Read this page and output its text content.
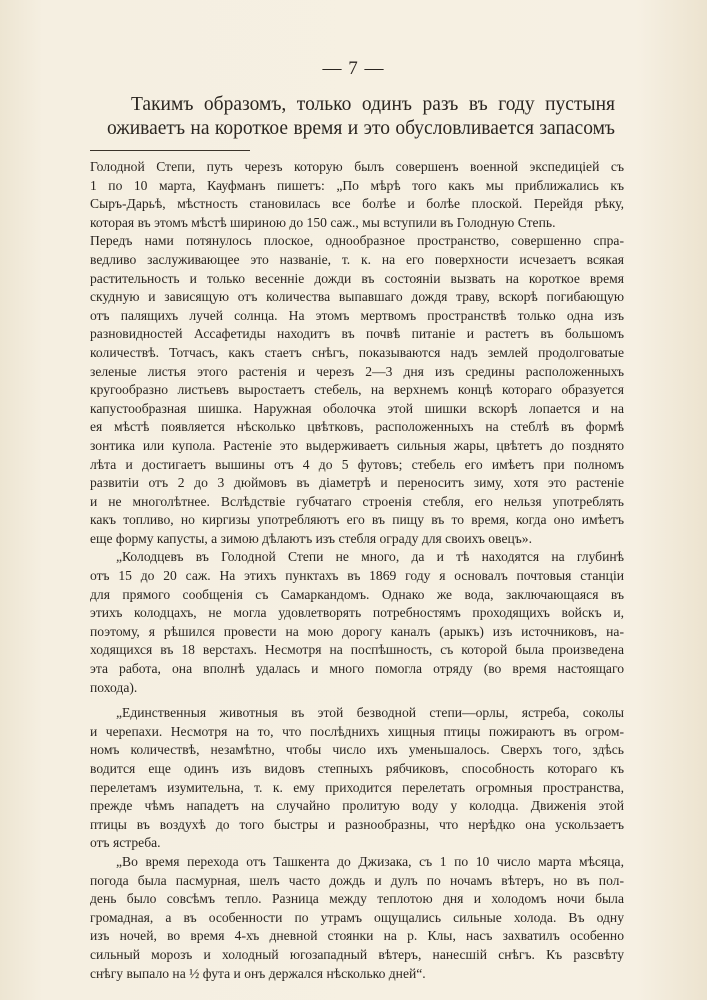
— 7 —
Такимъ образомъ, только одинъ разъ въ году пустыня
оживаетъ на короткое время и это обусловливается запасомъ
Голодной Степи, путь черезъ которую былъ совершенъ военной экспедиціей съ
1 по 10 марта, Кауфманъ пишетъ: „По мѣрѣ того какъ мы приближались къ
Сыръ-Дарьѣ, мѣстность становилась все болѣе и болѣе плоской. Перейдя рѣку,
которая въ этомъ мѣстѣ шириною до 150 саж., мы вступили въ Голодную Степь.
Передъ нами потянулось плоское, однообразное пространство, совершенно спра-
ведливо заслуживающее это названіе, т. к. на его поверхности исчезаетъ всякая
растительность и только весенніе дожди въ состояніи вызвать на короткое время
скудную и зависящую отъ количества выпавшаго дождя траву, вскорѣ погибающую
отъ палящихъ лучей солнца. На этомъ мертвомъ пространствѣ только одна изъ
разновидностей Ассафетиды находитъ въ почвѣ питаніе и растетъ въ большомъ
количествѣ. Тотчасъ, какъ стаетъ снѣгъ, показываются надъ землей продолговатые
зеленые листья этого растенія и черезъ 2—3 дня изъ средины расположенныхъ
кругообразно листьевъ выростаетъ стебель, на верхнемъ концѣ котораго образуется
капустообразная шишка. Наружная оболочка этой шишки вскорѣ лопается и на
ея мѣстѣ появляется нѣсколько цвѣтковъ, расположенныхъ на стеблѣ въ формѣ
зонтика или купола. Растеніе это выдерживаетъ сильныя жары, цвѣтетъ до позднято
лѣта и достигаетъ вышины отъ 4 до 5 футовъ; стебель его имѣетъ при полномъ
развитіи отъ 2 до 3 дюймовъ въ діаметрѣ и переноситъ зиму, хотя это растеніе
и не многолѣтнее. Вслѣдствіе губчатаго строенія стебля, его нельзя употреблять
какъ топливо, но киргизы употребляютъ его въ пищу въ то время, когда оно имѣетъ
еще форму капусты, а зимою дѣлаютъ изъ стебля ограду для своихъ овецъ».
„Колодцевъ въ Голодной Степи не много, да и тѣ находятся на глубинѣ
отъ 15 до 20 саж. На этихъ пунктахъ въ 1869 году я основалъ почтовыя станціи
для прямого сообщенія съ Самаркандомъ. Однако же вода, заключающаяся въ
этихъ колодцахъ, не могла удовлетворять потребностямъ проходящихъ войскъ и,
поэтому, я рѣшился провести на мою дорогу каналъ (арыкъ) изъ источниковъ, на-
ходящихся въ 18 верстахъ. Несмотря на поспѣшность, съ которой была произведена
эта работа, она вполнѣ удалась и много помогла отряду (во время настоящаго
похода).
„Единственныя животныя въ этой безводной степи—орлы, ястреба, соколы
и черепахи. Несмотря на то, что послѣднихъ хищныя птицы пожираютъ въ огром-
номъ количествѣ, незамѣтно, чтобы число ихъ уменьшалось. Сверхъ того, здѣсь
водится еще одинъ изъ видовъ степныхъ рябчиковъ, способность котораго къ
перелетамъ изумительна, т. к. ему приходится перелетать огромныя пространства,
прежде чѣмъ нападетъ на случайно пролитую воду у колодца. Движенія этой
птицы въ воздухѣ до того быстры и разнообразны, что нерѣдко она ускользаетъ
отъ ястреба.
„Во время перехода отъ Ташкента до Джизака, съ 1 по 10 число марта мѣсяца,
погода была пасмурная, шелъ часто дождь и дулъ по ночамъ вѣтеръ, но въ пол-
день было совсѣмъ тепло. Разница между теплотою дня и холодомъ ночи была
громадная, а въ особенности по утрамъ ощущались сильные холода. Въ одну
изъ ночей, во время 4-хъ дневной стоянки на р. Клы, насъ захватилъ особенно
сильный морозъ и холодный югозападный вѣтеръ, нанесшій снѣгъ. Къ разсвѣту
снѣгу выпало на ½ фута и онъ держался нѣсколько дней“.
